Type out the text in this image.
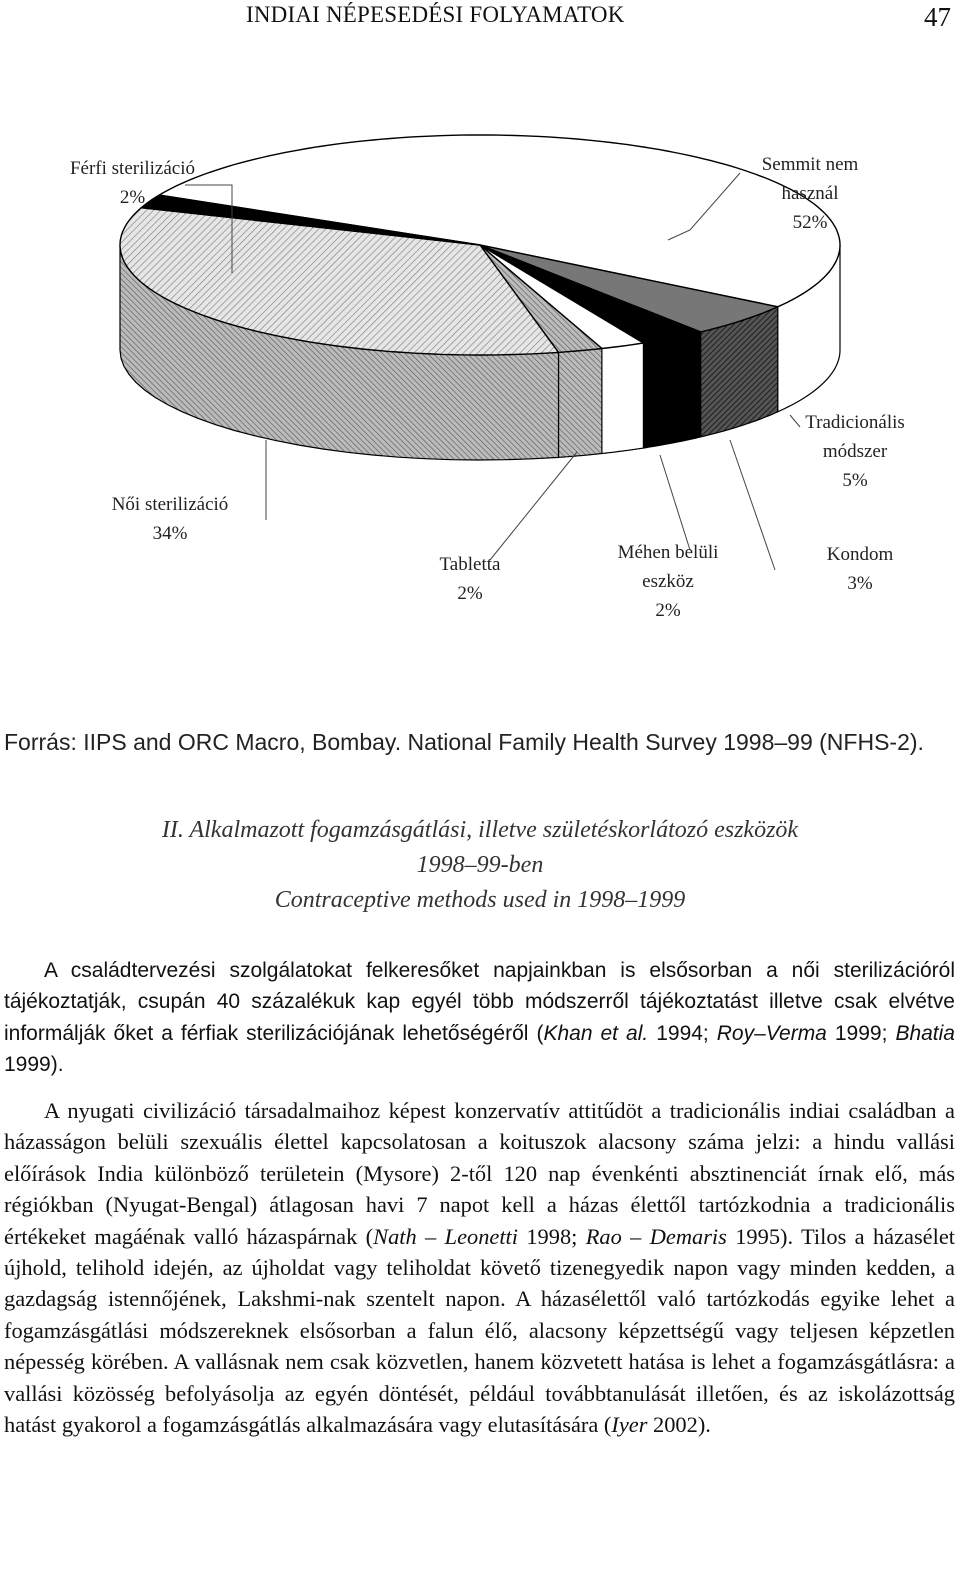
INDIAI NÉPESEDÉSI FOLYAMATOK	47
Férfi sterilizáció
2%
Semmit nem
használ
52%
Tradicionális
módszer
5%
Női sterilizáció
34%
Tabletta
2%
Méhen belüli
eszköz
2%
Kondom
3%
Forrás: IIPS and ORC Macro, Bombay. National Family Health Survey 1998–99 (NFHS-2).
II. Alkalmazott fogamzásgátlási, illetve születéskorlátozó eszközök
1998–99-ben
Contraceptive methods used in 1998–1999

A családtervezési szolgálatokat felkeresőket napjainkban is elsősorban a női sterilizációról tájékoztatják, csupán 40 százalékuk kap egyél több módszerről tájékoztatást illetve csak elvétve informálják őket a férfiak sterilizációjának lehetőségéről (Khan et al. 1994; Roy–Verma 1999; Bhatia 1999).

A nyugati civilizáció társadalmaihoz képest konzervatív attitűdöt a tradicionális indiai családban a házasságon belüli szexuális élettel kapcsolatosan a koituszok alacsony száma jelzi: a hindu vallási előírások India különböző területein (Mysore) 2-től 120 nap évenkénti absztinenciát írnak elő, más régiókban (Nyugat-Bengal) átlagosan havi 7 napot kell a házas élettől tartózkodnia a tradicionális értékeket magáénak valló házaspárnak (Nath – Leonetti 1998; Rao – Demaris 1995). Tilos a házasélet újhold, telihold idején, az újholdat vagy teliholdat követő tizenegyedik napon vagy minden kedden, a gazdagság istennőjének, Lakshmi-nak szentelt napon. A házasélettől való tartózkodás egyike lehet a fogamzásgátlási módszereknek elsősorban a falun élő, alacsony képzettségű vagy teljesen képzetlen népesség körében. A vallásnak nem csak közvetlen, hanem közvetett hatása is lehet a fogamzásgátlásra: a vallási közösség befolyásolja az egyén döntését, például továbbtanulását illetően, és az iskolázottság hatást gyakorol a fogamzásgátlás alkalmazására vagy elutasítására (Iyer 2002).
